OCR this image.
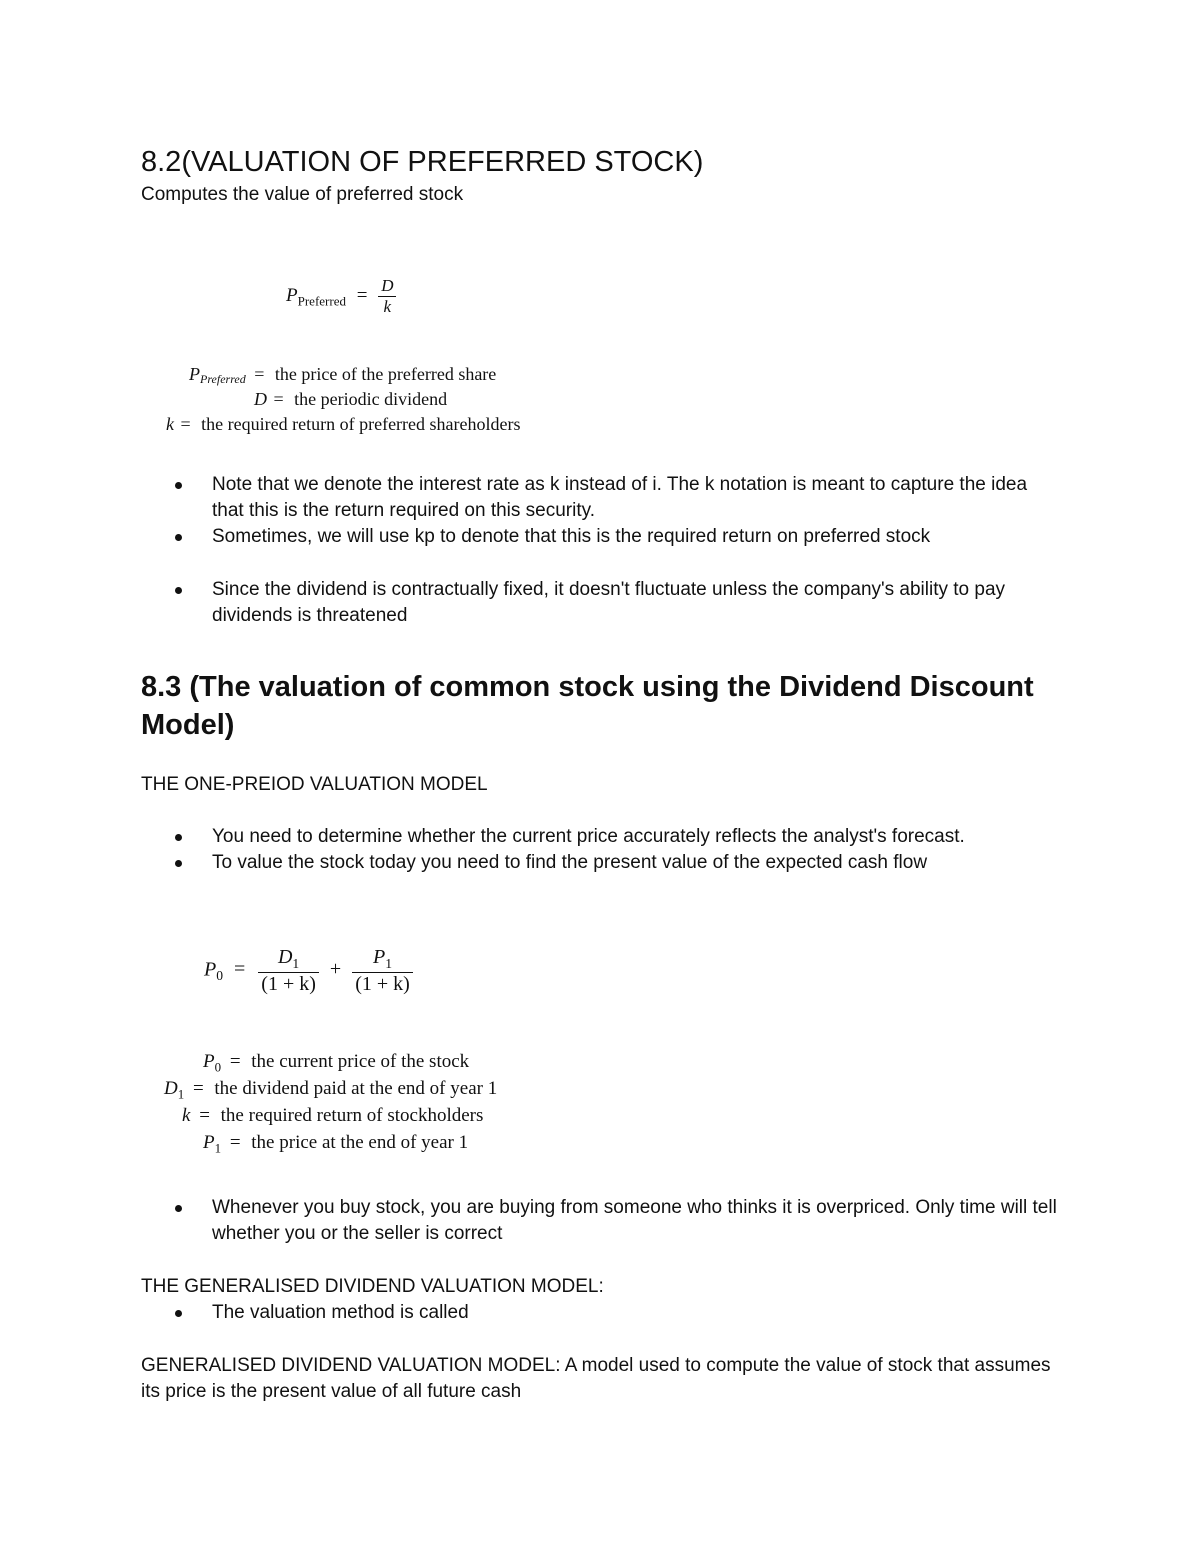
8.2(VALUATION OF PREFERRED STOCK)
Computes the value of preferred stock
$P_{Preferred} = \frac{D}{k}$
PPreferred = the price of the preferred share
D = the periodic dividend
k = the required return of preferred shareholders
Note that we denote the interest rate as k instead of i. The k notation is meant to capture the idea that this is the return required on this security.
Sometimes, we will use kp to denote that this is the required return on preferred stock
Since the dividend is contractually fixed, it doesn't fluctuate unless the company's ability to pay dividends is threatened
8.3 (The valuation of common stock using the Dividend Discount Model)
THE ONE-PREIOD VALUATION MODEL
You need to determine whether the current price accurately reflects the analyst's forecast.
To value the stock today you need to find the present value of the expected cash flow
$P_0 = \frac{D_1}{(1 + k)} + \frac{P_1}{(1 + k)}$
$P_0$ = the current price of the stock
$D_1$ = the dividend paid at the end of year 1
k = the required return of stockholders
$P_1$ = the price at the end of year 1
Whenever you buy stock, you are buying from someone who thinks it is overpriced. Only time will tell whether you or the seller is correct
THE GENERALISED DIVIDEND VALUATION MODEL:
The valuation method is called
GENERALISED DIVIDEND VALUATION MODEL: A model used to compute the value of stock that assumes its price is the present value of all future cash
